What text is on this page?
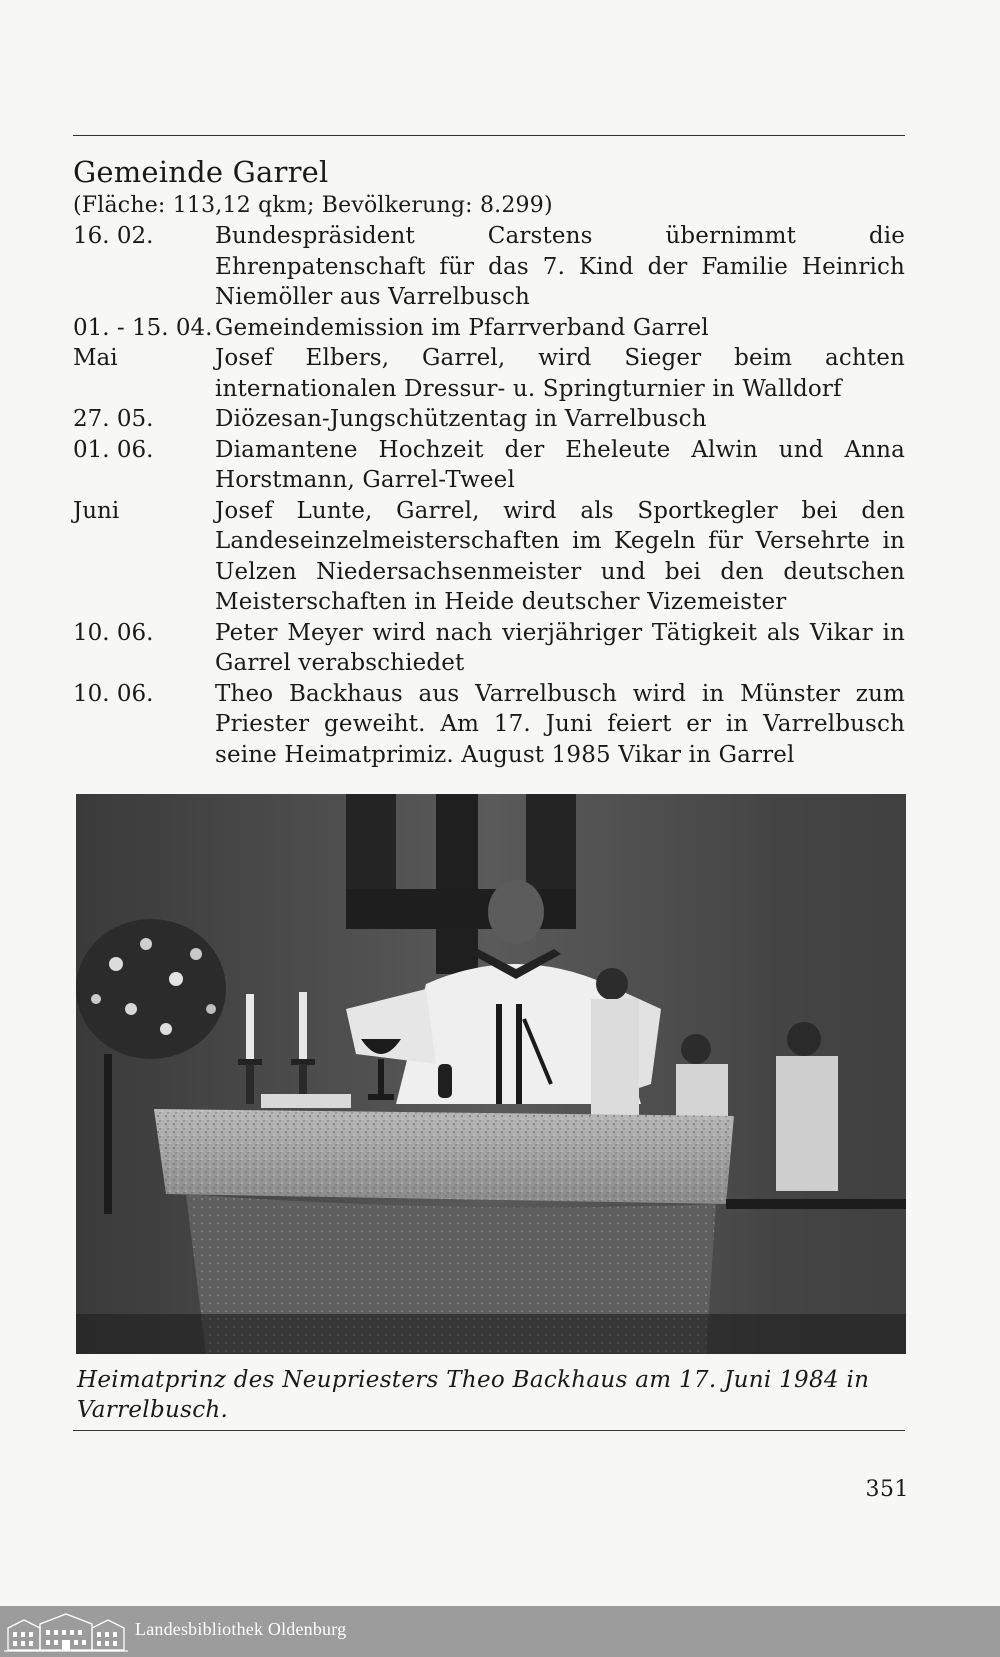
Gemeinde Garrel
(Fläche: 113,12 qkm; Bevölkerung: 8.299)
16. 02.	Bundespräsident Carstens übernimmt die Ehrenpatenschaft für das 7. Kind der Familie Heinrich Niemöller aus Varrelbusch
01. - 15. 04. Gemeindemission im Pfarrverband Garrel
Mai	Josef Elbers, Garrel, wird Sieger beim achten internationalen Dressur- u. Springturnier in Walldorf
27. 05.	Diözesan-Jungschützentag in Varrelbusch
01. 06.	Diamantene Hochzeit der Eheleute Alwin und Anna Horstmann, Garrel-Tweel
Juni	Josef Lunte, Garrel, wird als Sportkegler bei den Landeseinzelmeisterschaften im Kegeln für Versehrte in Uelzen Niedersachsenmeister und bei den deutschen Meisterschaften in Heide deutscher Vizemeister
10. 06.	Peter Meyer wird nach vierjähriger Tätigkeit als Vikar in Garrel verabschiedet
10. 06.	Theo Backhaus aus Varrelbusch wird in Münster zum Priester geweiht. Am 17. Juni feiert er in Varrelbusch seine Heimatprimiz. August 1985 Vikar in Garrel
Heimatprinz des Neupriesters Theo Backhaus am 17. Juni 1984 in Varrelbusch.
351
Landesbibliothek Oldenburg
